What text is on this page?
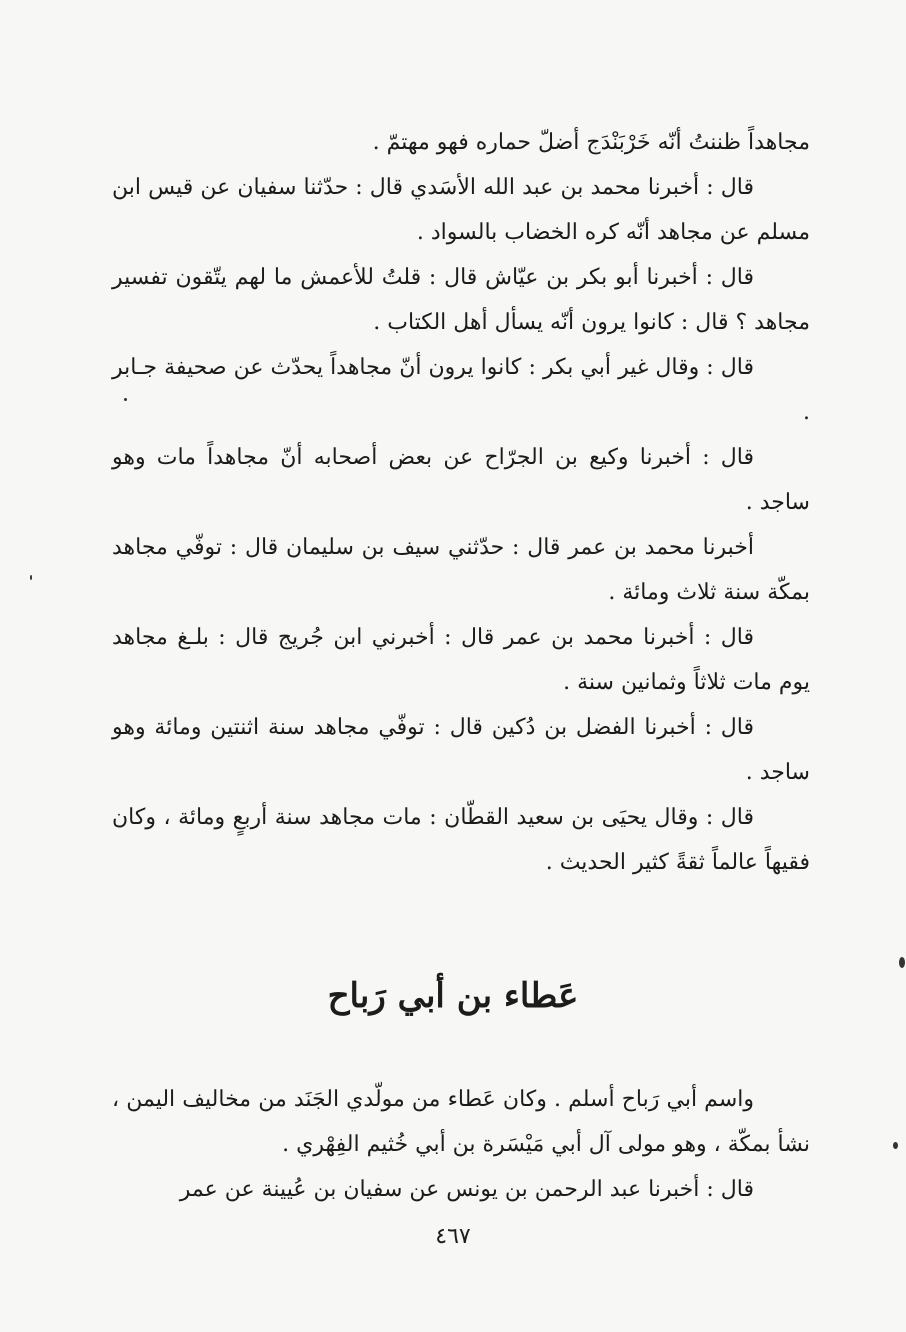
مجاهداً ظننتُ أنّه خَرْبَنْدَج أضلّ حماره فهو مهتمّ .

قال : أخبرنا محمد بن عبد الله الأسَدي قال : حدّثنا سفيان عن قيس ابن مسلم عن مجاهد أنّه كره الخضاب بالسواد .

قال : أخبرنا أبو بكر بن عيّاش قال : قلتُ للأعمش ما لهم يتّقون تفسير مجاهد ؟ قال : كانوا يرون أنّه يسأل أهل الكتاب .

قال : وقال غير أبي بكر : كانوا يرون أنّ مجاهداً يحدّث عن صحيفة جـابر .

قال : أخبرنا وكيع بن الجرّاح عن بعض أصحابه أنّ مجاهداً مات وهو ساجد .

أخبرنا محمد بن عمر قال : حدّثني سيف بن سليمان قال : توفّي مجاهد بمكّة سنة ثلاث ومائة .

قال : أخبرنا محمد بن عمر قال : أخبرني ابن جُريج قال : بلـغ مجاهد يوم مات ثلاثاً وثمانين سنة .

قال : أخبرنا الفضل بن دُكين قال : توفّي مجاهد سنة اثنتين ومائة وهو ساجد .

قال : وقال يحيَى بن سعيد القطّان : مات مجاهد سنة أربعٍ ومائة ، وكان فقيهاً عالماً ثقةً كثير الحديث .

عَطاء بن أبي رَباح

واسم أبي رَباح أسلم . وكان عَطاء من مولّدي الجَنَد من مخاليف اليمن ، نشأ بمكّة ، وهو مولى آل أبي مَيْسَرة بن أبي خُثيم الفِهْري .

قال : أخبرنا عبد الرحمن بن يونس عن سفيان بن عُيينة عن عمر

٤٦٧
